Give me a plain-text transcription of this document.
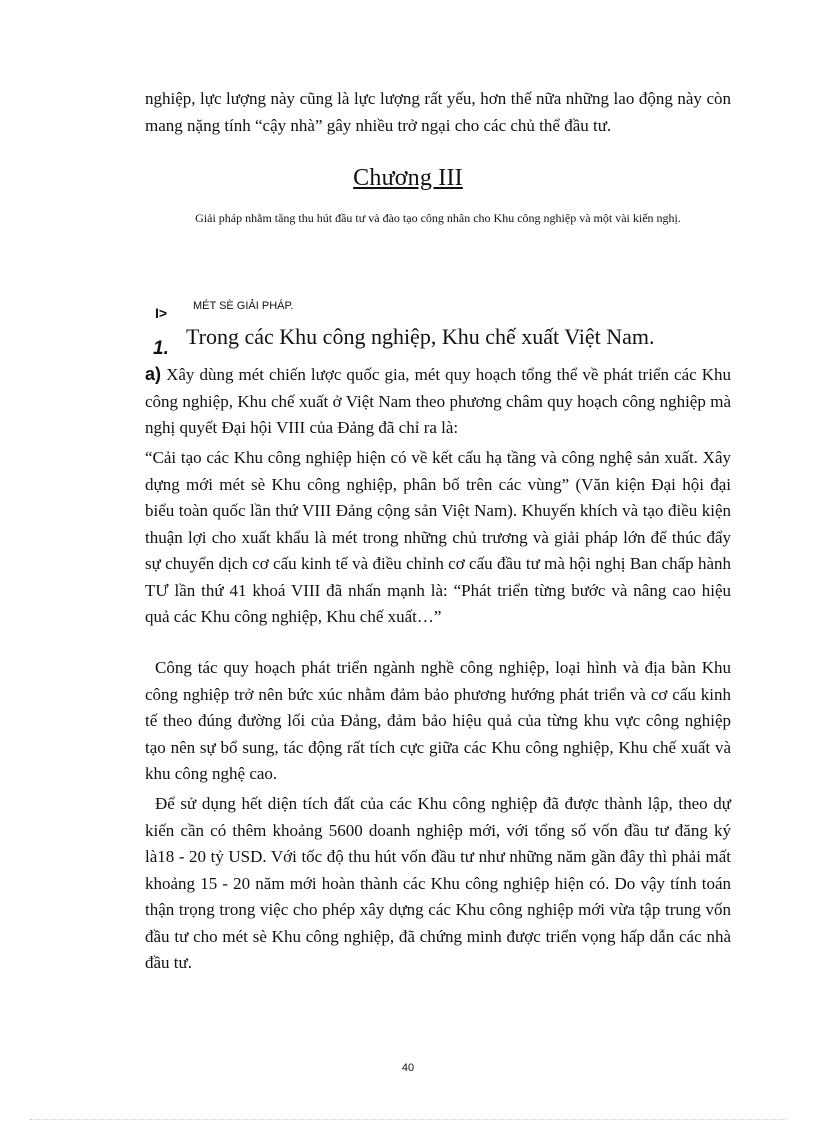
nghiệp, lực lượng này cũng là lực lượng rất yếu, hơn thế nữa những lao động này còn mang nặng tính “cậy nhà” gây nhiều trở ngại cho các chủ thể đầu tư.
Chương III
Giải pháp nhằm tăng thu hút đầu tư và đào tạo công nhân cho Khu công nghiệp và một vài kiến nghị.
I> MÉT SÈ GIẢI PHÁP.
1. Trong các Khu công nghiệp, Khu chế xuất Việt Nam.
a) Xây dùng mét chiến lược quốc gia, mét quy hoạch tổng thể về phát triển các Khu công nghiệp, Khu chế xuất ở Việt Nam theo phương châm quy hoạch công nghiệp mà nghị quyết Đại hội VIII của Đảng đã chỉ ra là:
“Cải tạo các Khu công nghiệp hiện có về kết cấu hạ tầng và công nghệ sản xuất. Xây dựng mới mét sè Khu công nghiệp, phân bố trên các vùng” (Văn kiện Đại hội đại biểu toàn quốc lần thứ VIII Đảng cộng sản Việt Nam). Khuyến khích và tạo điều kiện thuận lợi cho xuất khẩu là mét trong những chủ trương và giải pháp lớn để thúc đẩy sự chuyển dịch cơ cấu kinh tế và điều chỉnh cơ cấu đầu tư mà hội nghị Ban chấp hành TƯ lần thứ 41 khoá VIII đã nhấn mạnh là: “Phát triển từng bước và nâng cao hiệu quả các Khu công nghiệp, Khu chế xuất…”
Công tác quy hoạch phát triển ngành nghề công nghiệp, loại hình và địa bàn Khu công nghiệp trở nên bức xúc nhằm đảm bảo phương hướng phát triển và cơ cấu kinh tế theo đúng đường lối của Đảng, đảm bảo hiệu quả của từng khu vực công nghiệp tạo nên sự bổ sung, tác động rất tích cực giữa các Khu công nghiệp, Khu chế xuất và khu công nghệ cao.
Để sử dụng hết diện tích đất của các Khu công nghiệp đã được thành lập, theo dự kiến cần có thêm khoảng 5600 doanh nghiệp mới, với tổng số vốn đầu tư đăng ký là18 - 20 tỷ USD. Với tốc độ thu hút vốn đầu tư như những năm gần đây thì phải mất khoảng 15 - 20 năm mới hoàn thành các Khu công nghiệp hiện có. Do vậy tính toán thận trọng trong việc cho phép xây dựng các Khu công nghiệp mới vừa tập trung vốn đầu tư cho mét sè Khu công nghiệp, đã chứng minh được triển vọng hấp dẫn các nhà đầu tư.
40
